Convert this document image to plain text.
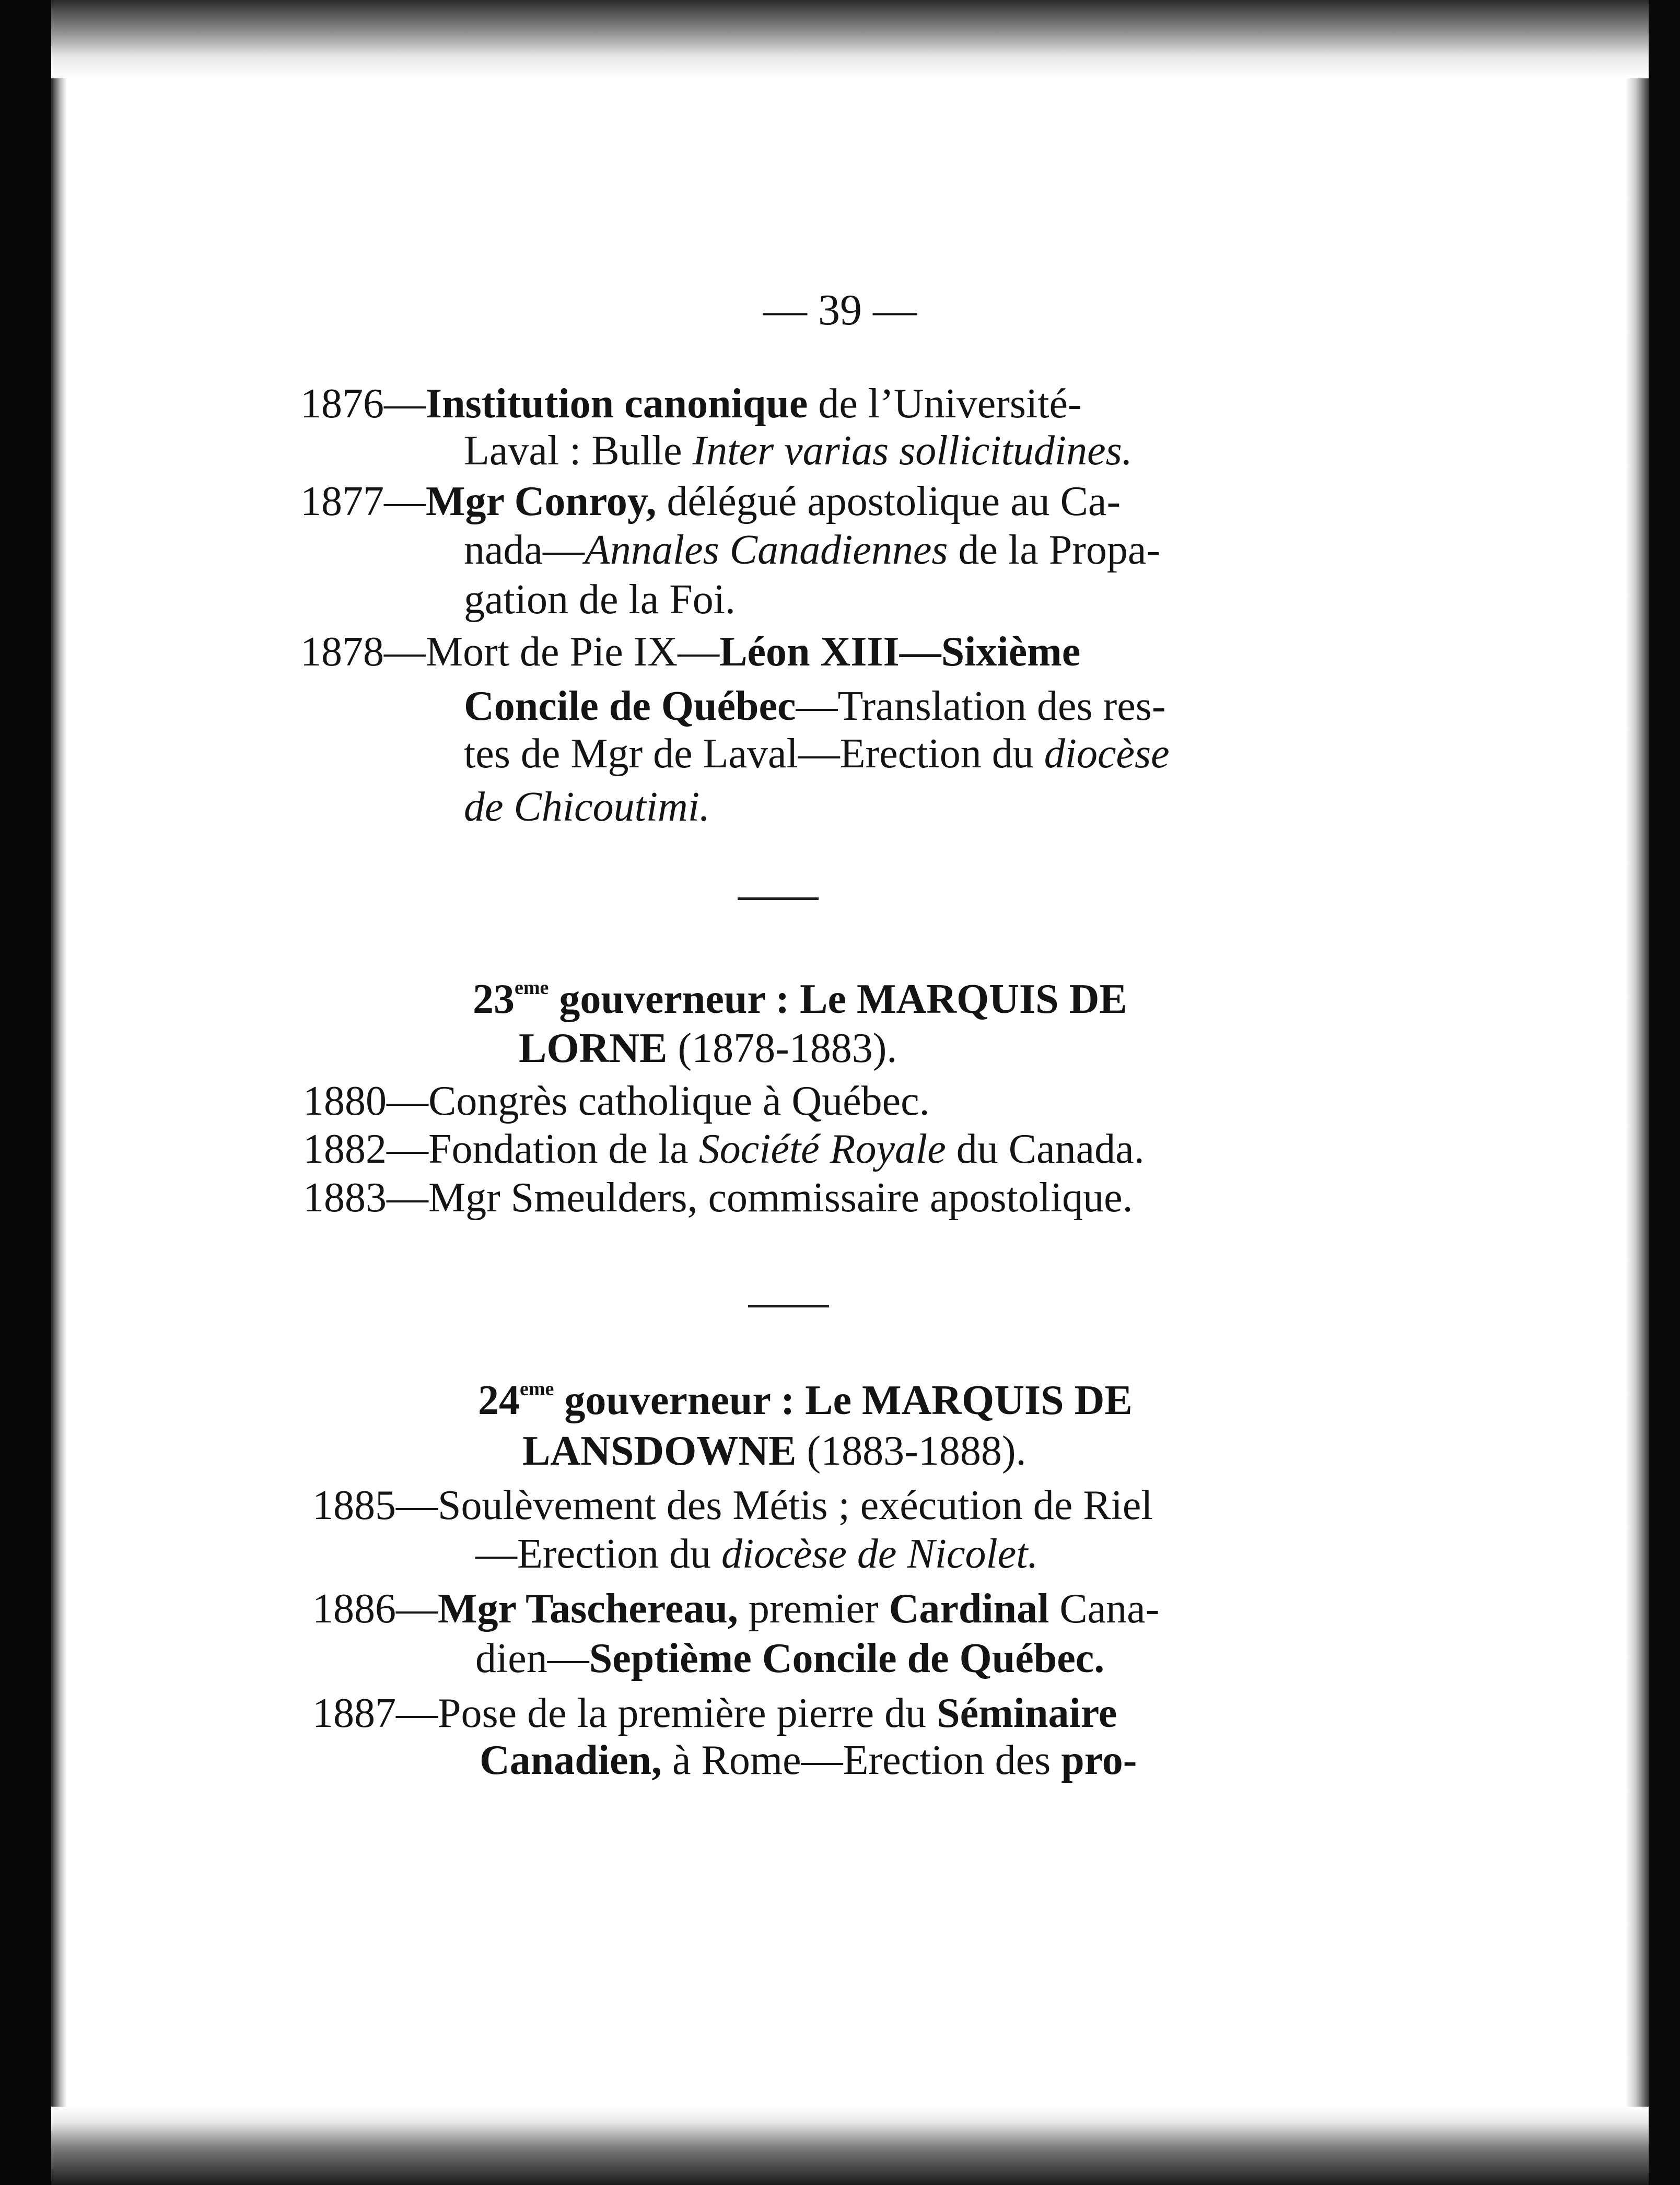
— 39 —
1876—Institution canonique de l’Université-
Laval : Bulle Inter varias sollicitudines.
1877—Mgr Conroy, délégué apostolique au Ca-
nada—Annales Canadiennes de la Propa-
gation de la Foi.
1878—Mort de Pie IX—Léon XIII—Sixième
Concile de Québec—Translation des res-
tes de Mgr de Laval—Erection du diocèse
de Chicoutimi.
23eme gouverneur : Le MARQUIS DE
LORNE (1878-1883).
1880—Congrès catholique à Québec.
1882—Fondation de la Société Royale du Canada.
1883—Mgr Smeulders, commissaire apostolique.
24eme gouverneur : Le MARQUIS DE
LANSDOWNE (1883-1888).
1885—Soulèvement des Métis ; exécution de Riel
—Erection du diocèse de Nicolet.
1886—Mgr Taschereau, premier Cardinal Cana-
dien—Septième Concile de Québec.
1887—Pose de la première pierre du Séminaire
Canadien, à Rome—Erection des pro-
